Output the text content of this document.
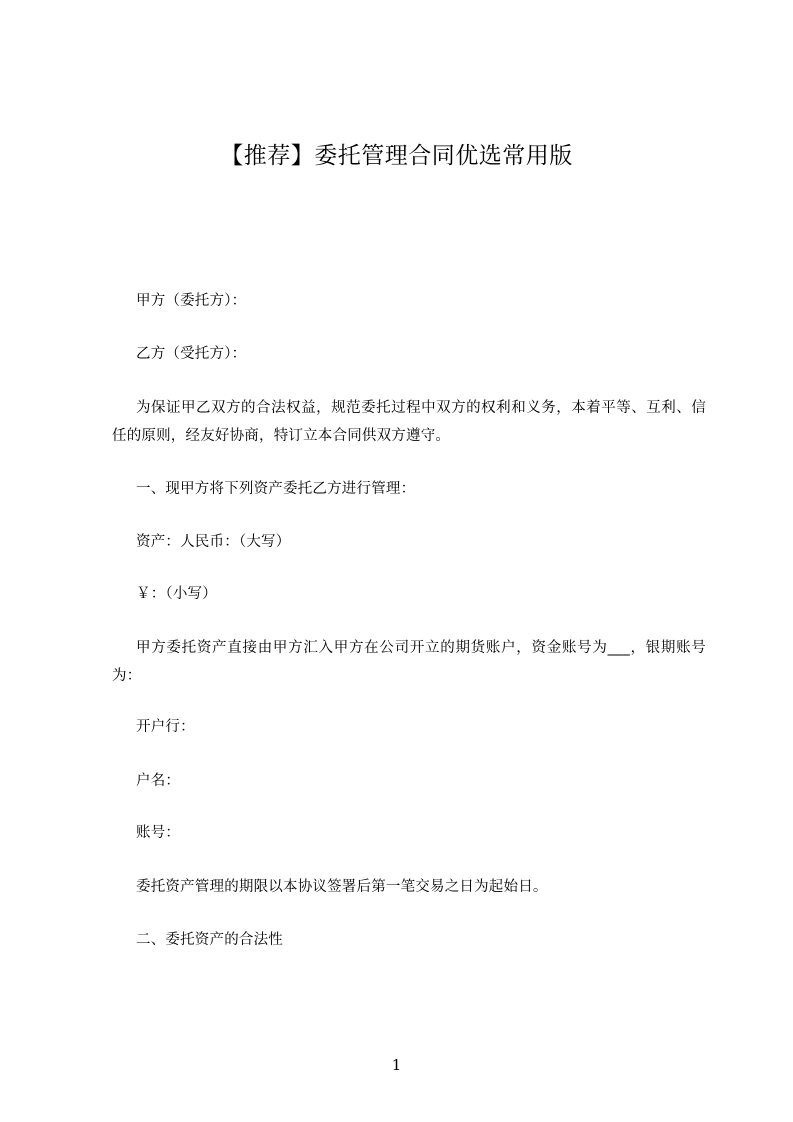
【推荐】委托管理合同优选常用版
甲方（委托方）：
乙方（受托方）：
为保证甲乙双方的合法权益，规范委托过程中双方的权利和义务，本着平等、互利、信任的原则，经友好协商，特订立本合同供双方遵守。
一、现甲方将下列资产委托乙方进行管理：
资产：人民币：（大写）
￥：（小写）
甲方委托资产直接由甲方汇入甲方在公司开立的期货账户，资金账号为___，银期账号为：
开户行：
户名：
账号：
委托资产管理的期限以本协议签署后第一笔交易之日为起始日。
二、委托资产的合法性
1
